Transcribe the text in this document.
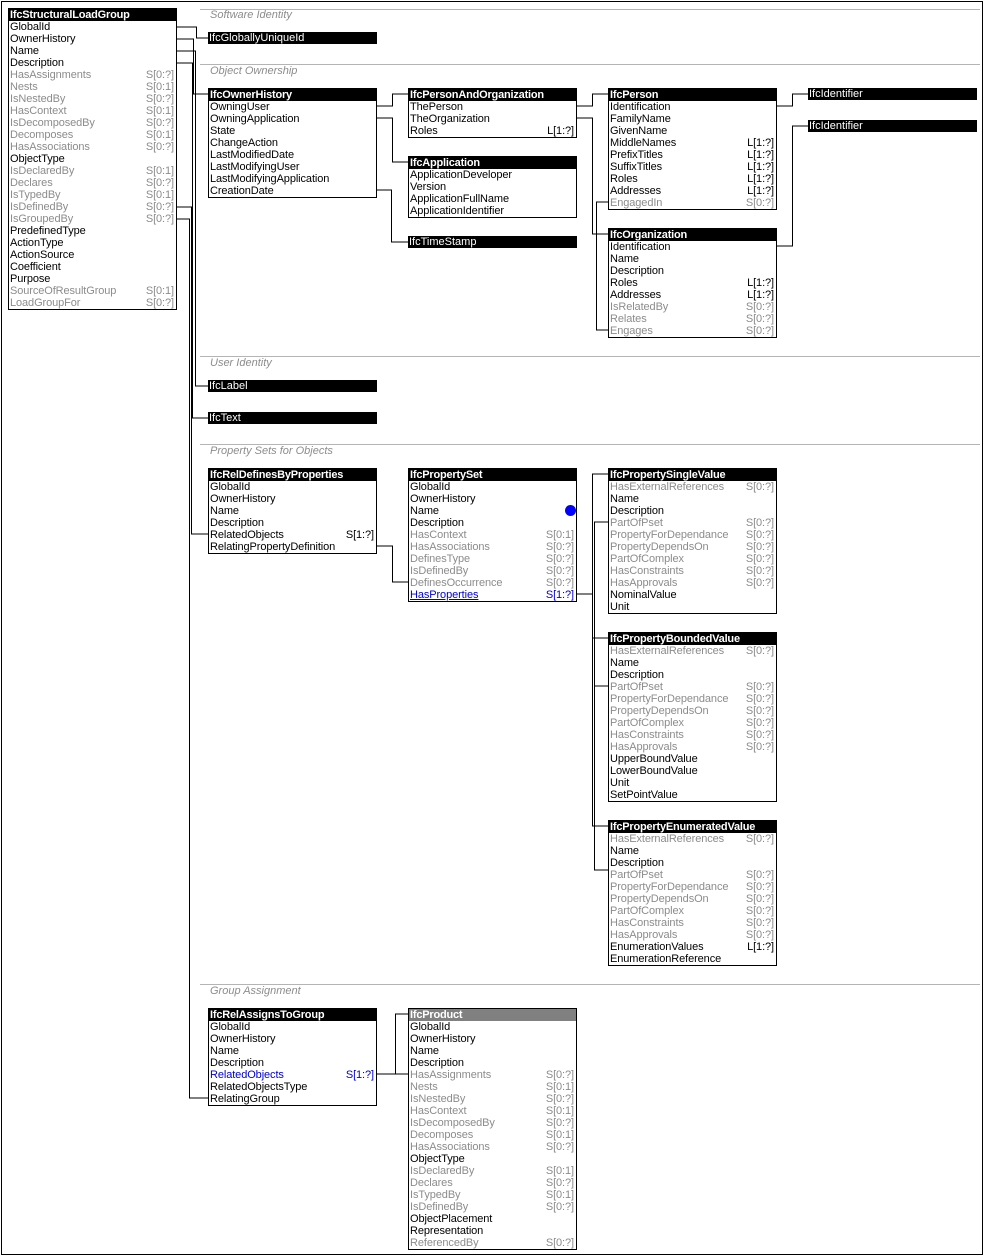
Software Identity
Object Ownership
User Identity
Property Sets for Objects
Group Assignment
IfcGloballyUniqueId
IfcTimeStamp
IfcIdentifier
IfcIdentifier
IfcLabel
IfcText
IfcStructuralLoadGroup
GlobalId
OwnerHistory
Name
Description
HasAssignments	S[0:?]
Nests	S[0:1]
IsNestedBy	S[0:?]
HasContext	S[0:1]
IsDecomposedBy	S[0:?]
Decomposes	S[0:1]
HasAssociations	S[0:?]
ObjectType
IsDeclaredBy	S[0:1]
Declares	S[0:?]
IsTypedBy	S[0:1]
IsDefinedBy	S[0:?]
IsGroupedBy	S[0:?]
PredefinedType
ActionType
ActionSource
Coefficient
Purpose
SourceOfResultGroup	S[0:1]
LoadGroupFor	S[0:?]
IfcOwnerHistory
OwningUser
OwningApplication
State
ChangeAction
LastModifiedDate
LastModifyingUser
LastModifyingApplication
CreationDate
IfcPersonAndOrganization
ThePerson
TheOrganization
Roles	L[1:?]
IfcApplication
ApplicationDeveloper
Version
ApplicationFullName
ApplicationIdentifier
IfcPerson
Identification
FamilyName
GivenName
MiddleNames	L[1:?]
PrefixTitles	L[1:?]
SuffixTitles	L[1:?]
Roles	L[1:?]
Addresses	L[1:?]
EngagedIn	S[0:?]
IfcOrganization
Identification
Name
Description
Roles	L[1:?]
Addresses	L[1:?]
IsRelatedBy	S[0:?]
Relates	S[0:?]
Engages	S[0:?]
IfcRelDefinesByProperties
GlobalId
OwnerHistory
Name
Description
RelatedObjects	S[1:?]
RelatingPropertyDefinition
IfcPropertySet
GlobalId
OwnerHistory
Name
Description
HasContext	S[0:1]
HasAssociations	S[0:?]
DefinesType	S[0:?]
IsDefinedBy	S[0:?]
DefinesOccurrence	S[0:?]
HasProperties	S[1:?]
IfcPropertySingleValue
HasExternalReferences S[0:?]
Name
Description
PartOfPset	S[0:?]
PropertyForDependance S[0:?]
PropertyDependsOn	S[0:?]
PartOfComplex	S[0:?]
HasConstraints	S[0:?]
HasApprovals	S[0:?]
NominalValue
Unit
IfcPropertyBoundedValue
HasExternalReferences S[0:?]
Name
Description
PartOfPset	S[0:?]
PropertyForDependance S[0:?]
PropertyDependsOn	S[0:?]
PartOfComplex	S[0:?]
HasConstraints	S[0:?]
HasApprovals	S[0:?]
UpperBoundValue
LowerBoundValue
Unit
SetPointValue
IfcPropertyEnumeratedValue
HasExternalReferences S[0:?]
Name
Description
PartOfPset	S[0:?]
PropertyForDependance S[0:?]
PropertyDependsOn	S[0:?]
PartOfComplex	S[0:?]
HasConstraints	S[0:?]
HasApprovals	S[0:?]
EnumerationValues	L[1:?]
EnumerationReference
IfcRelAssignsToGroup
GlobalId
OwnerHistory
Name
Description
RelatedObjects	S[1:?]
RelatedObjectsType
RelatingGroup
IfcProduct
GlobalId
OwnerHistory
Name
Description
HasAssignments	S[0:?]
Nests	S[0:1]
IsNestedBy	S[0:?]
HasContext	S[0:1]
IsDecomposedBy	S[0:?]
Decomposes	S[0:1]
HasAssociations	S[0:?]
ObjectType
IsDeclaredBy	S[0:1]
Declares	S[0:?]
IsTypedBy	S[0:1]
IsDefinedBy	S[0:?]
ObjectPlacement
Representation
ReferencedBy	S[0:?]
